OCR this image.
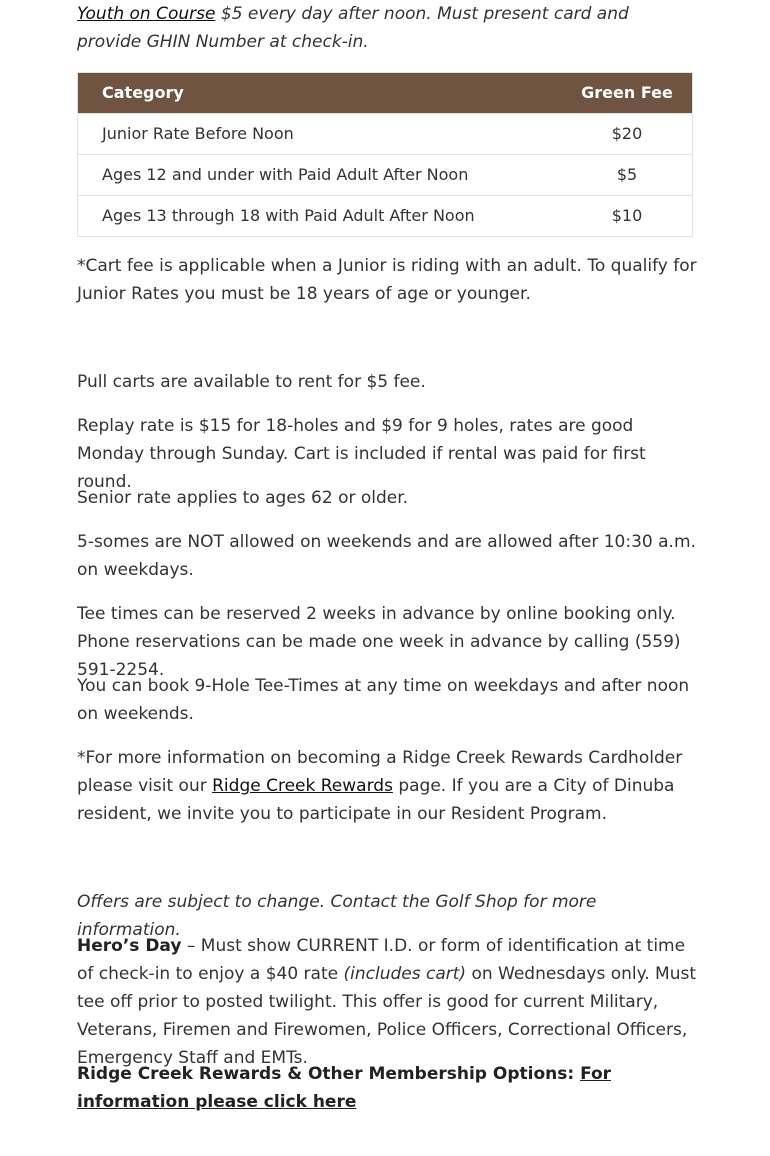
Youth on Course $5 every day after noon. Must present card and provide GHIN Number at check-in.

Category	Green Fee
Junior Rate Before Noon	$20
Ages 12 and under with Paid Adult After Noon	$5
Ages 13 through 18 with Paid Adult After Noon	$10

*Cart fee is applicable when a Junior is riding with an adult. To qualify for Junior Rates you must be 18 years of age or younger.

Pull carts are available to rent for $5 fee.

Replay rate is $15 for 18-holes and $9 for 9 holes, rates are good Monday through Sunday. Cart is included if rental was paid for first round.

Senior rate applies to ages 62 or older.

5-somes are NOT allowed on weekends and are allowed after 10:30 a.m. on weekdays.

Tee times can be reserved 2 weeks in advance by online booking only. Phone reservations can be made one week in advance by calling (559) 591-2254.

You can book 9-Hole Tee-Times at any time on weekdays and after noon on weekends.

*For more information on becoming a Ridge Creek Rewards Cardholder please visit our Ridge Creek Rewards page. If you are a City of Dinuba resident, we invite you to participate in our Resident Program.

Offers are subject to change. Contact the Golf Shop for more information.

Hero’s Day – Must show CURRENT I.D. or form of identification at time of check-in to enjoy a $40 rate (includes cart) on Wednesdays only. Must tee off prior to posted twilight. This offer is good for current Military, Veterans, Firemen and Firewomen, Police Officers, Correctional Officers, Emergency Staff and EMTs.

Ridge Creek Rewards & Other Membership Options: For information please click here
